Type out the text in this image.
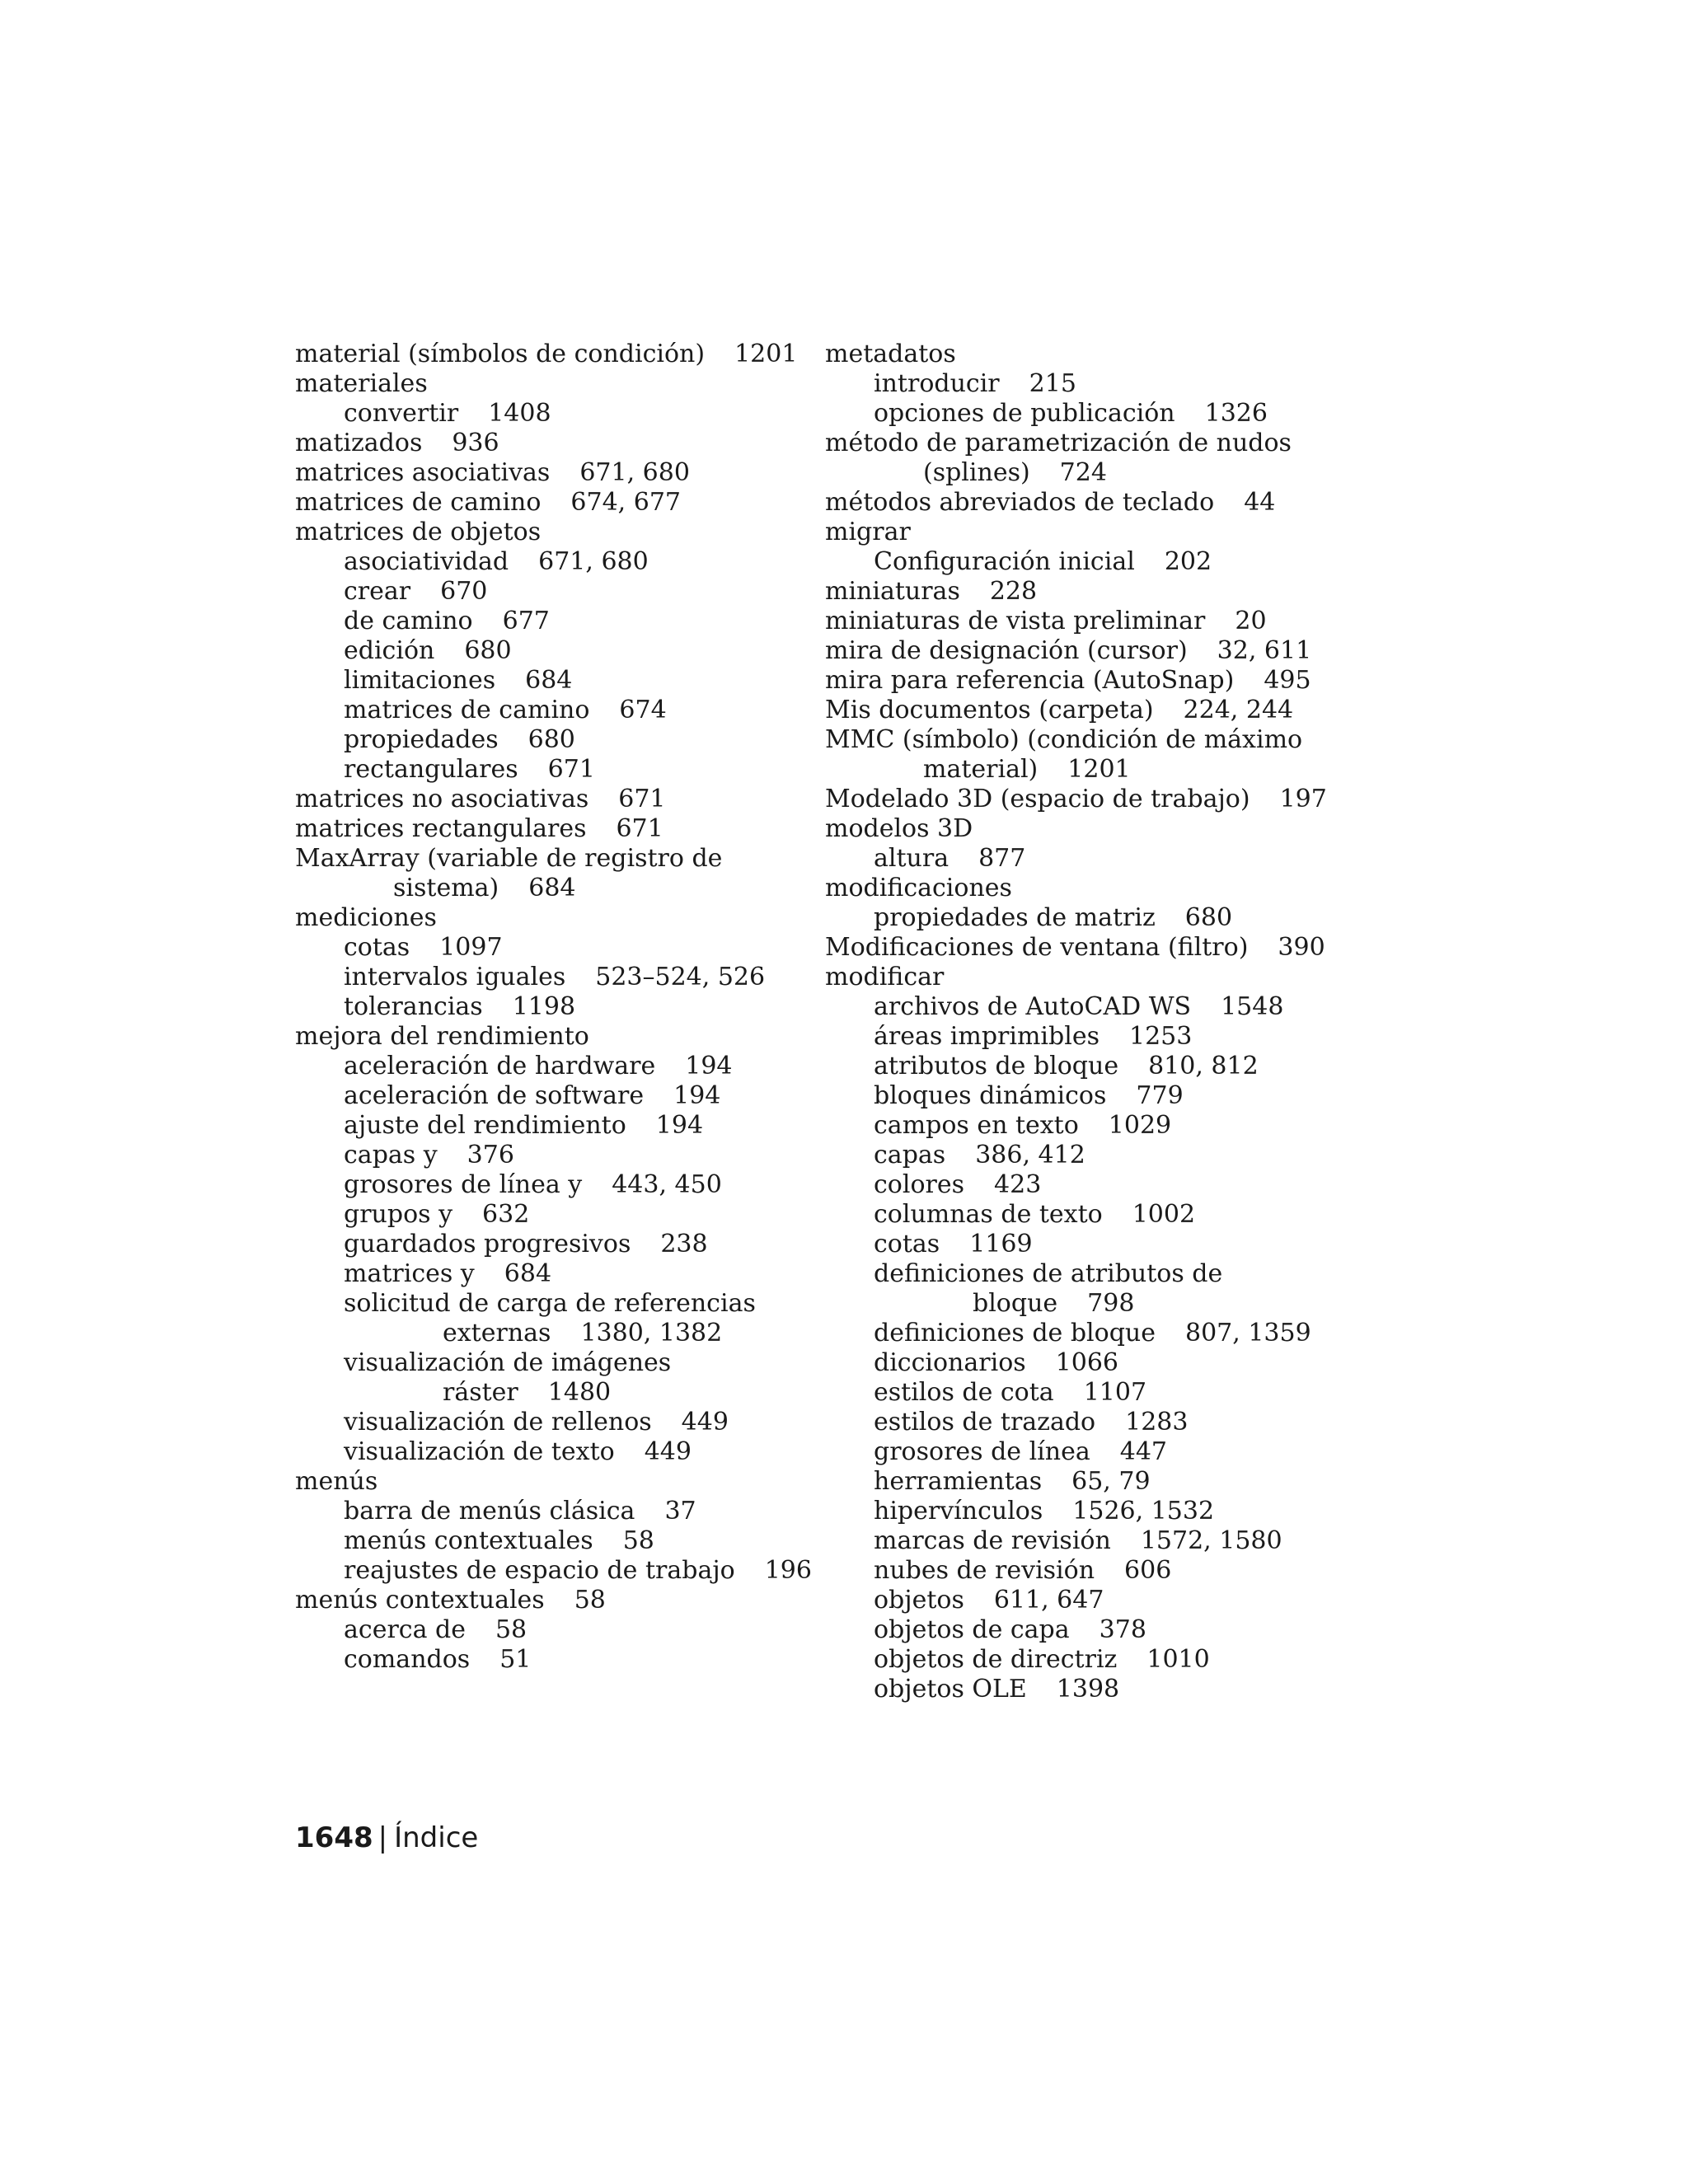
material (símbolos de condición) 1201
materiales
convertir 1408
matizados 936
matrices asociativas 671, 680
matrices de camino 674, 677
matrices de objetos
asociatividad 671, 680
crear 670
de camino 677
edición 680
limitaciones 684
matrices de camino 674
propiedades 680
rectangulares 671
matrices no asociativas 671
matrices rectangulares 671
MaxArray (variable de registro de
sistema) 684
mediciones
cotas 1097
intervalos iguales 523–524, 526
tolerancias 1198
mejora del rendimiento
aceleración de hardware 194
aceleración de software 194
ajuste del rendimiento 194
capas y 376
grosores de línea y 443, 450
grupos y 632
guardados progresivos 238
matrices y 684
solicitud de carga de referencias
externas 1380, 1382
visualización de imágenes
ráster 1480
visualización de rellenos 449
visualización de texto 449
menús
barra de menús clásica 37
menús contextuales 58
reajustes de espacio de trabajo 196
menús contextuales 58
acerca de 58
comandos 51
metadatos
introducir 215
opciones de publicación 1326
método de parametrización de nudos
(splines) 724
métodos abreviados de teclado 44
migrar
Configuración inicial 202
miniaturas 228
miniaturas de vista preliminar 20
mira de designación (cursor) 32, 611
mira para referencia (AutoSnap) 495
Mis documentos (carpeta) 224, 244
MMC (símbolo) (condición de máximo
material) 1201
Modelado 3D (espacio de trabajo) 197
modelos 3D
altura 877
modificaciones
propiedades de matriz 680
Modificaciones de ventana (filtro) 390
modificar
archivos de AutoCAD WS 1548
áreas imprimibles 1253
atributos de bloque 810, 812
bloques dinámicos 779
campos en texto 1029
capas 386, 412
colores 423
columnas de texto 1002
cotas 1169
definiciones de atributos de
bloque 798
definiciones de bloque 807, 1359
diccionarios 1066
estilos de cota 1107
estilos de trazado 1283
grosores de línea 447
herramientas 65, 79
hipervínculos 1526, 1532
marcas de revisión 1572, 1580
nubes de revisión 606
objetos 611, 647
objetos de capa 378
objetos de directriz 1010
objetos OLE 1398
1648 | Índice
